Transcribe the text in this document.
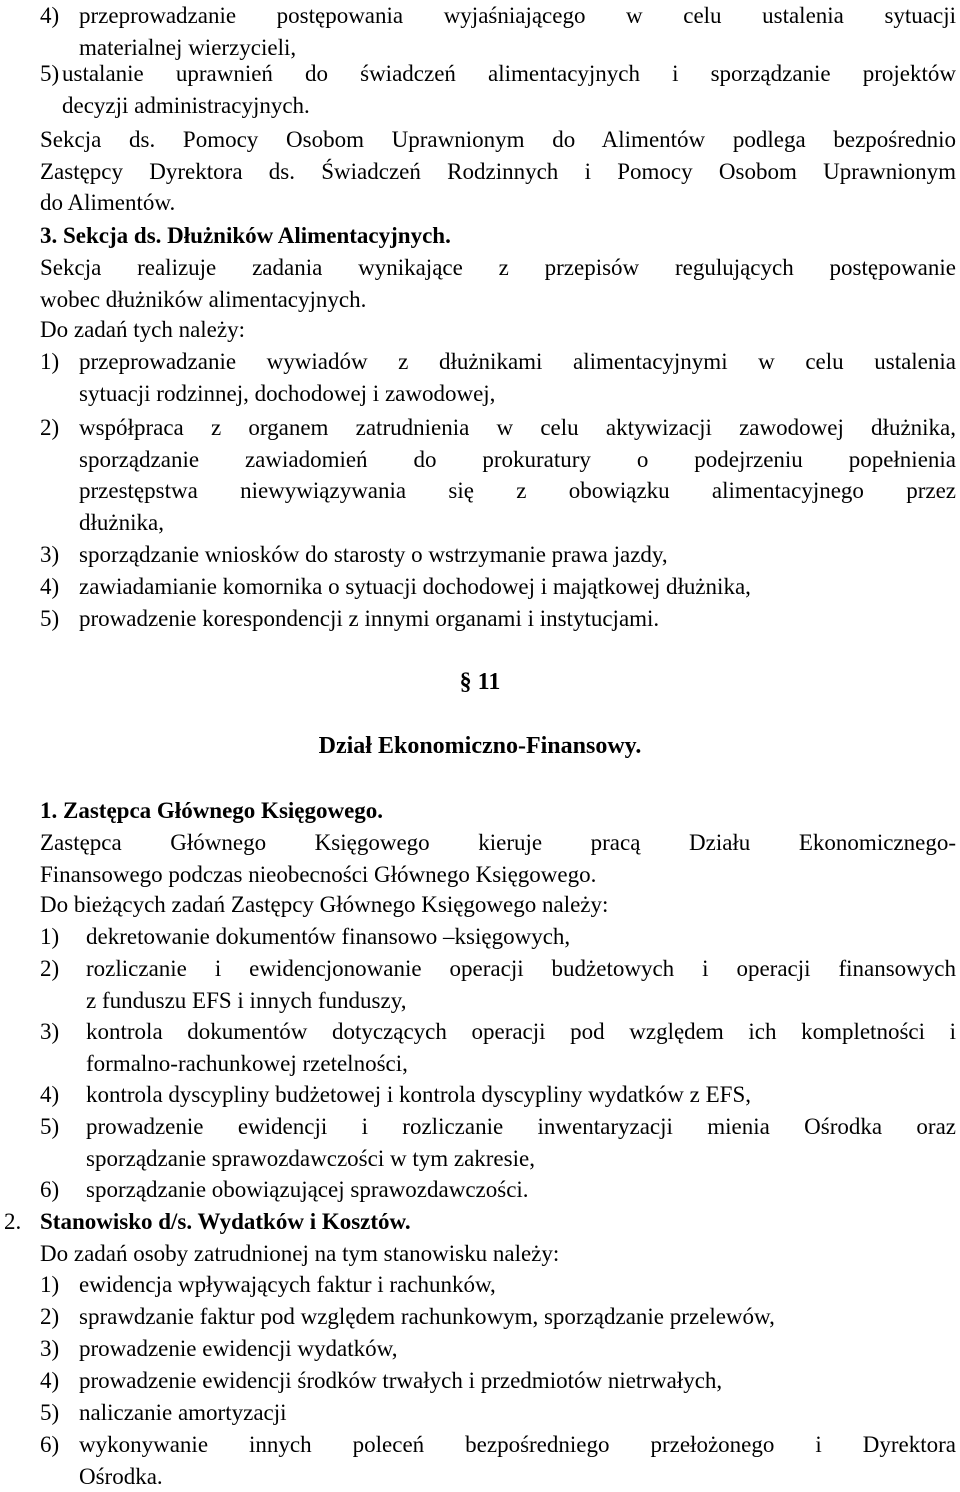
4) przeprowadzanie postępowania wyjaśniającego w celu ustalenia sytuacji
materialnej wierzycieli,
5) ustalanie uprawnień do świadczeń alimentacyjnych i sporządzanie projektów
decyzji administracyjnych.
Sekcja ds. Pomocy Osobom Uprawnionym do Alimentów podlega bezpośrednio
Zastępcy Dyrektora ds. Świadczeń Rodzinnych i Pomocy Osobom Uprawnionym
do Alimentów.
3. Sekcja ds. Dłużników Alimentacyjnych.
Sekcja realizuje zadania wynikające z przepisów regulujących postępowanie
wobec dłużników alimentacyjnych.
Do zadań tych należy:
1) przeprowadzanie wywiadów z dłużnikami alimentacyjnymi w celu ustalenia
sytuacji rodzinnej, dochodowej i zawodowej,
2) współpraca z organem zatrudnienia w celu aktywizacji zawodowej dłużnika,
sporządzanie zawiadomień do prokuratury o podejrzeniu popełnienia
przestępstwa niewywiązywania się z obowiązku alimentacyjnego przez
dłużnika,
3) sporządzanie wniosków do starosty o wstrzymanie prawa jazdy,
4) zawiadamianie komornika o sytuacji dochodowej i majątkowej dłużnika,
5) prowadzenie korespondencji z innymi organami i instytucjami.
§ 11
Dział Ekonomiczno-Finansowy.
1. Zastępca Głównego Księgowego.
Zastępca Głównego Księgowego kieruje pracą Działu Ekonomicznego-
Finansowego podczas nieobecności Głównego Księgowego.
Do bieżących zadań Zastępcy Głównego Księgowego należy:
1) dekretowanie dokumentów finansowo –księgowych,
2) rozliczanie i ewidencjonowanie operacji budżetowych i operacji finansowych
z funduszu EFS i innych funduszy,
3) kontrola dokumentów dotyczących operacji pod względem ich kompletności i
formalno-rachunkowej rzetelności,
4) kontrola dyscypliny budżetowej i kontrola dyscypliny wydatków z EFS,
5) prowadzenie ewidencji i rozliczanie inwentaryzacji mienia Ośrodka oraz
sporządzanie sprawozdawczości w tym zakresie,
6) sporządzanie obowiązującej sprawozdawczości.
2. Stanowisko d/s. Wydatków i Kosztów.
Do zadań osoby zatrudnionej na tym stanowisku należy:
1) ewidencja wpływających faktur i rachunków,
2) sprawdzanie faktur pod względem rachunkowym, sporządzanie przelewów,
3) prowadzenie ewidencji wydatków,
4) prowadzenie ewidencji środków trwałych i przedmiotów nietrwałych,
5) naliczanie amortyzacji
6) wykonywanie innych poleceń bezpośredniego przełożonego i Dyrektora
Ośrodka.
